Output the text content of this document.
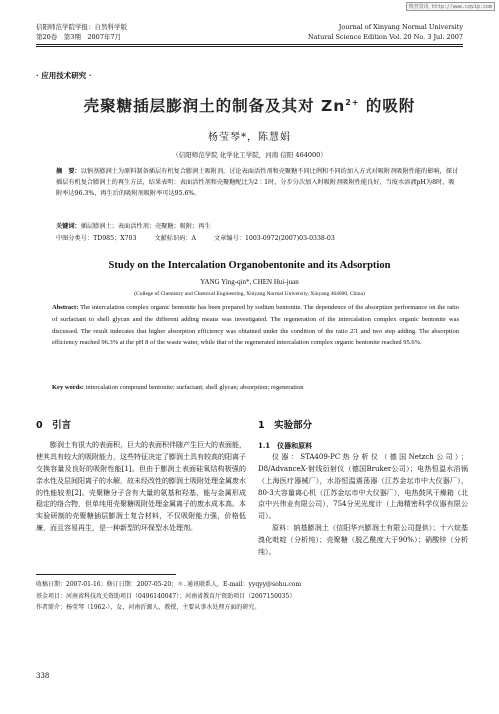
维普资讯 http://www.cqvip.com
信阳师范学院学报：自然科学版
第20卷　第3期　2007年7月
Journal of Xinyang Normal University
Natural Science Edition Vol. 20 No. 3 Jul. 2007
· 应用技术研究 ·
壳聚糖插层膨润土的制备及其对 $Zn^{2+}$ 的吸附
杨莹琴*，陈慧娟
（信阳师范学院 化学化工学院，河南 信阳 464000）
摘　要：以钠基膨润土为原料制备插层有机复合膨润土吸附剂，讨论表面活性剂和壳聚糖不同比例和不同的加入方式对吸附剂吸附性能的影响，探讨插层有机复合膨润土的再生方法，结果表明：表面活性剂和壳聚糖配比为2∶1时，分步分次加入时吸附剂吸附性能良好，当废水溶液pH为8时，吸附率达96.3%，再生后的吸附剂吸附率可达95.6%。
关键词：插层膨润土；表面活性剂；壳聚糖；吸附；再生
中图分类号：TD985；X703	文献标识码：A	文章编号：1003-0972(2007)03-0338-03
Study on the Intercalation Organobentonite and its Adsorption
YANG Ying-qin*, CHEN Hui-juan
(College of Chemistry and Chemical Engineering, Xinyang Normal University, Xinyang 464000, China)
Abstract: The intercalation complex organic bentonite has been prepared by sodium bentonite. The dependence of the absorption performance on the ratio of surfactant to shell glycan and the different adding means was investigated. The regeneration of the intercalation complex organic bentonite was discussed. The result indecates that higher absorption efficiency was obtained under the condition of the ratio 2∶1 and two step adding. The absorption efficiency reached 96.3% at the pH 8 of the waste water, while that of the regenerated intercalation complex organic bentonite reached 95.6%.
Key words: intercalation compound bentonite; surfactant; shell glycan; absorption; regeneration
0　引言

膨润土有很大的表面积，巨大的表面积伴随产生巨大的表面能，使其具有较大的吸附能力，这些特征决定了膨润土具有较高的阳离子交换容量及良好的吸附性能[1]。但由于膨润土表面硅氧结构极强的亲水性及层间阳离子的水解，故未经改性的膨润土吸附处理金属废水的性能较差[2]。壳聚糖分子含有大量的氨基和羟基，能与金属形成稳定的络合物，但单纯用壳聚糖吸附处理金属离子的废水成本高。本实验研制的壳聚糖插层膨润土复合材料，不仅吸附能力强，价格低廉，而且容易再生，是一种新型的环保型水处理剂。

1　实验部分
1.1　仪器和原料

仪器：STA409-PC热分析仪（德国Netzch公司）；D8/AdvanceX-射线衍射仪（德国Bruker公司）；电热恒温水浴锅（上海医疗器械厂），水浴恒温震荡器（江苏金坛市中大仪器厂），80-3大容量离心机（江苏金坛市中大仪器厂），电热鼓风干燥箱（北京中兴伟业有限公司），754分光光度计（上海精密科学仪器有限公司）。

原料：钠基膨润土（信阳华兴膨润土有限公司提供）；十六烷基溴化吡啶（分析纯）；壳聚糖（脱乙酰度大于90%）；硝酸锌（分析纯）。

收稿日期：2007-01-16；修订日期：2007-05-20；＊. 通讯联系人，E-mail：yyqyy@sohu.com
基金项目：河南省科技攻关资助项目（0496140047）；河南省教育厅资助项目（2007150035）
作者简介：杨莹琴（1962-），女，河南沂源人，教授，主要从事水处理方面的研究。
338
